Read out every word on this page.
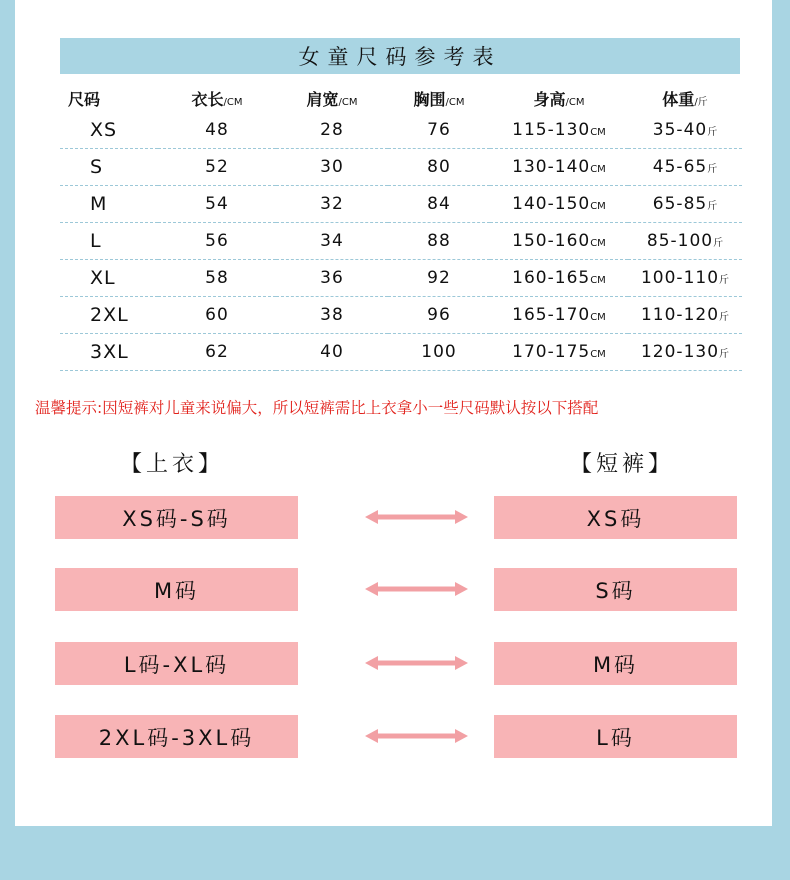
女童尺码参考表
尺码	衣长/CM	肩宽/CM	胸围/CM	身高/CM	体重/斤
XS	48	28	76	115-130CM	35-40斤
S	52	30	80	130-140CM	45-65斤
M	54	32	84	140-150CM	65-85斤
L	56	34	88	150-160CM	85-100斤
XL	58	36	92	160-165CM	100-110斤
2XL	60	38	96	165-170CM	110-120斤
3XL	62	40	100	170-175CM	120-130斤
温馨提示:因短裤对儿童来说偏大，所以短裤需比上衣拿小一些尺码默认按以下搭配
【上衣】	【短裤】
XS码-S码	XS码
M码	S码
L码-XL码	M码
2XL码-3XL码	L码
